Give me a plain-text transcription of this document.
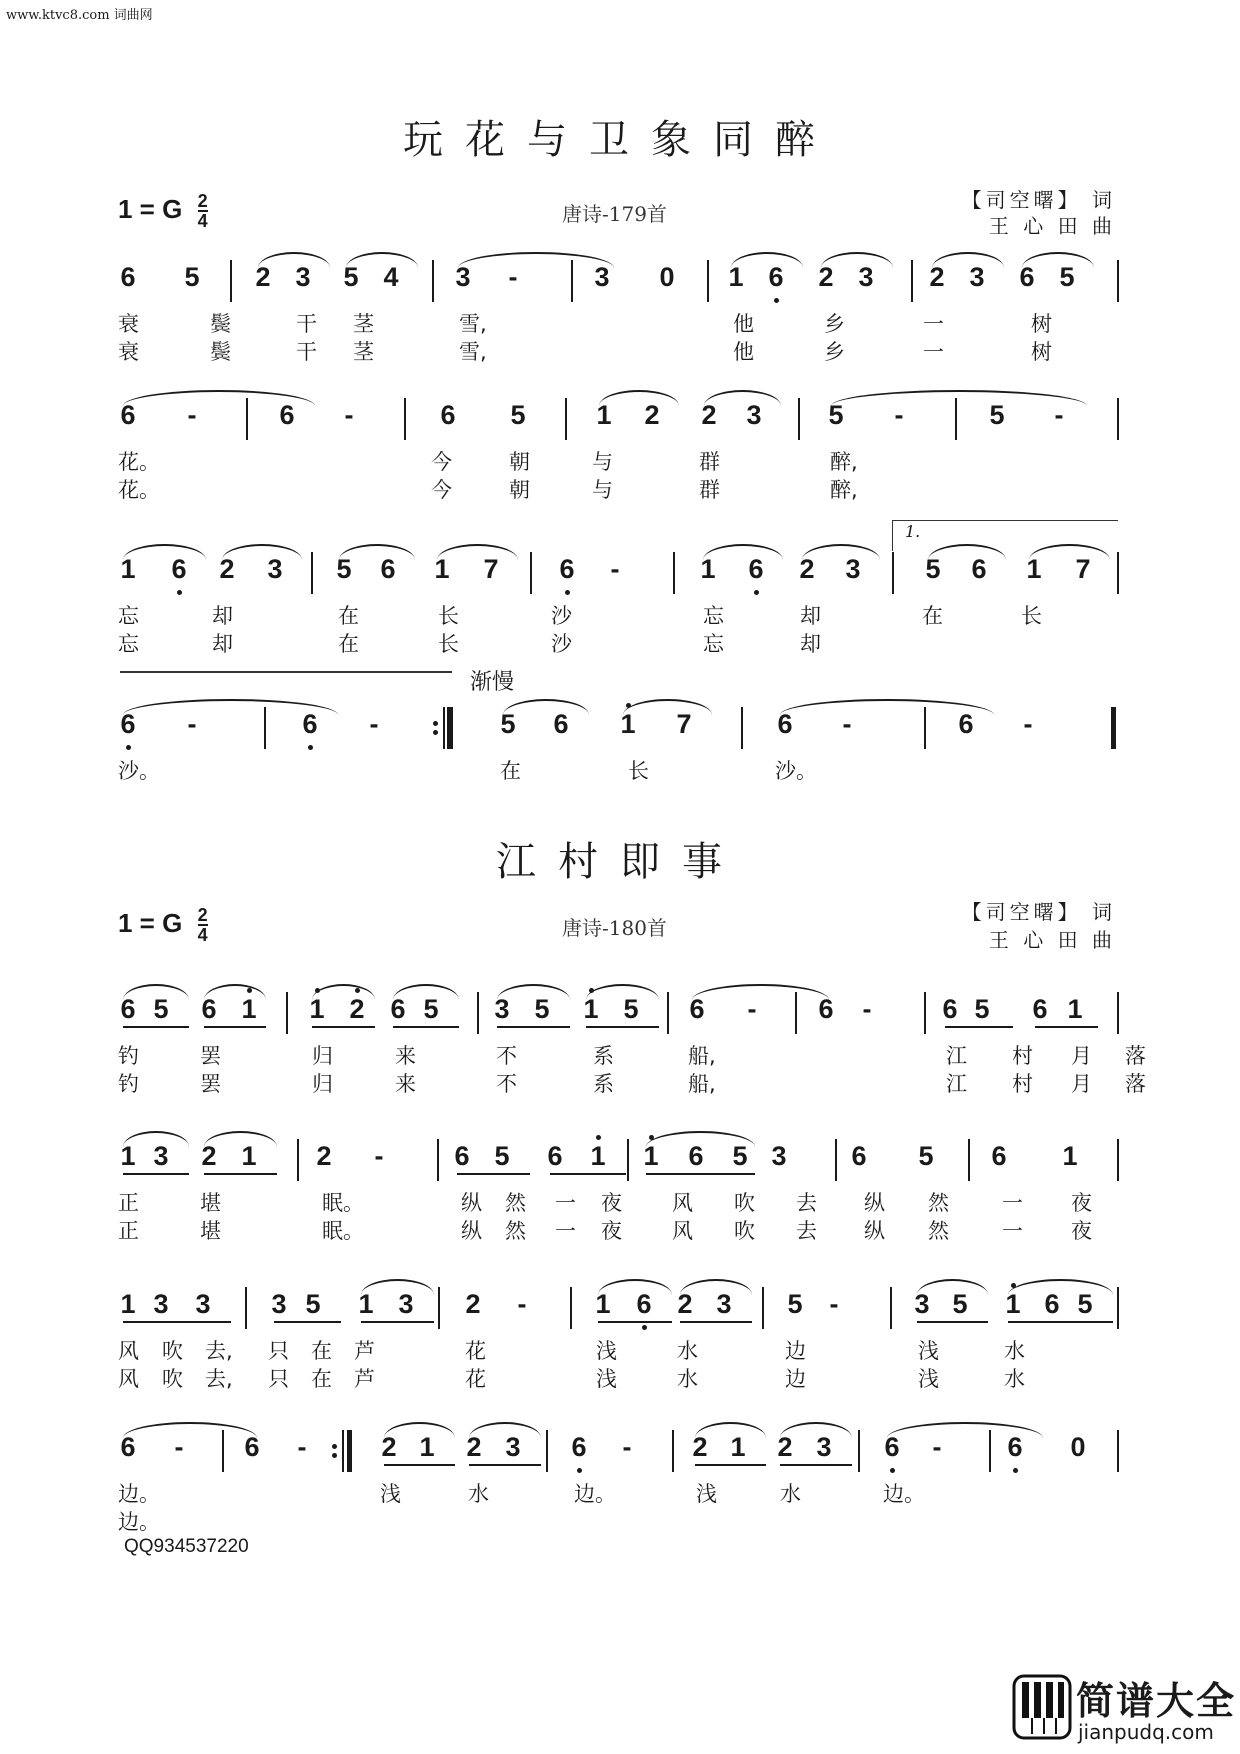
www.ktvc8.com 词曲网
玩花与卫象同醉
1 = G $\frac{2}{4}$	唐诗-179首
【司空曙】 词
王 心 田 曲
6 5 2 3 5 4 3	-	3 0 1 6 2 3 2 3 6 5
衰	鬓	干 茎	雪,	他	乡	一	树
衰	鬓	干 茎	雪,	他	乡	一	树
6	-	6	-	6 5	1 2 2 3 5	-	5	-
花。	今	朝	与	群	醉,
花。	今	朝	与	群	醉,
1 6 2 3 5 6 1 7 6	-	1 6 2 3 5 6 1 7
1.
忘	却	在	长	沙	忘	却	在	长
忘	却	在	长	沙	忘	却
6	-	6	-	5 6 1 7	6	-	6	-
渐慢
沙。	在	长	沙。
江村即事
1 = G $\frac{2}{4}$	唐诗-180首
【司空曙】 词
王 心 田 曲
6 5 6 1 1 2 6 5 3 5 1 5 6	-	6	-	6 5 6 1
钓	罢	归	来	不	系	船,	江 村 月 落
钓	罢	归	来	不	系	船,	江 村 月 落
1 3 2 1 2	-	6 5 6 1 1 6 5 3 6 5 6 1
正	堪	眠。	纵 然 一 夜 风 吹 去 纵 然	一 夜
正	堪	眠。	纵 然 一 夜 风 吹 去 纵 然	一 夜
1 3 3 3 5 1 3 2	-	1 6 2 3 5 -	3 5 1 6 5
风 吹 去, 只 在 芦	花	浅	水	边	浅	水
风 吹 去, 只 在 芦	花	浅	水	边	浅	水
6	-	6	-	2 1 2 3 6	-	2 1 2 3 6	-	6 0
边。	浅	水	边。	浅	水	边。
边。
QQ934537220
简谱大全
jianpudq.com
